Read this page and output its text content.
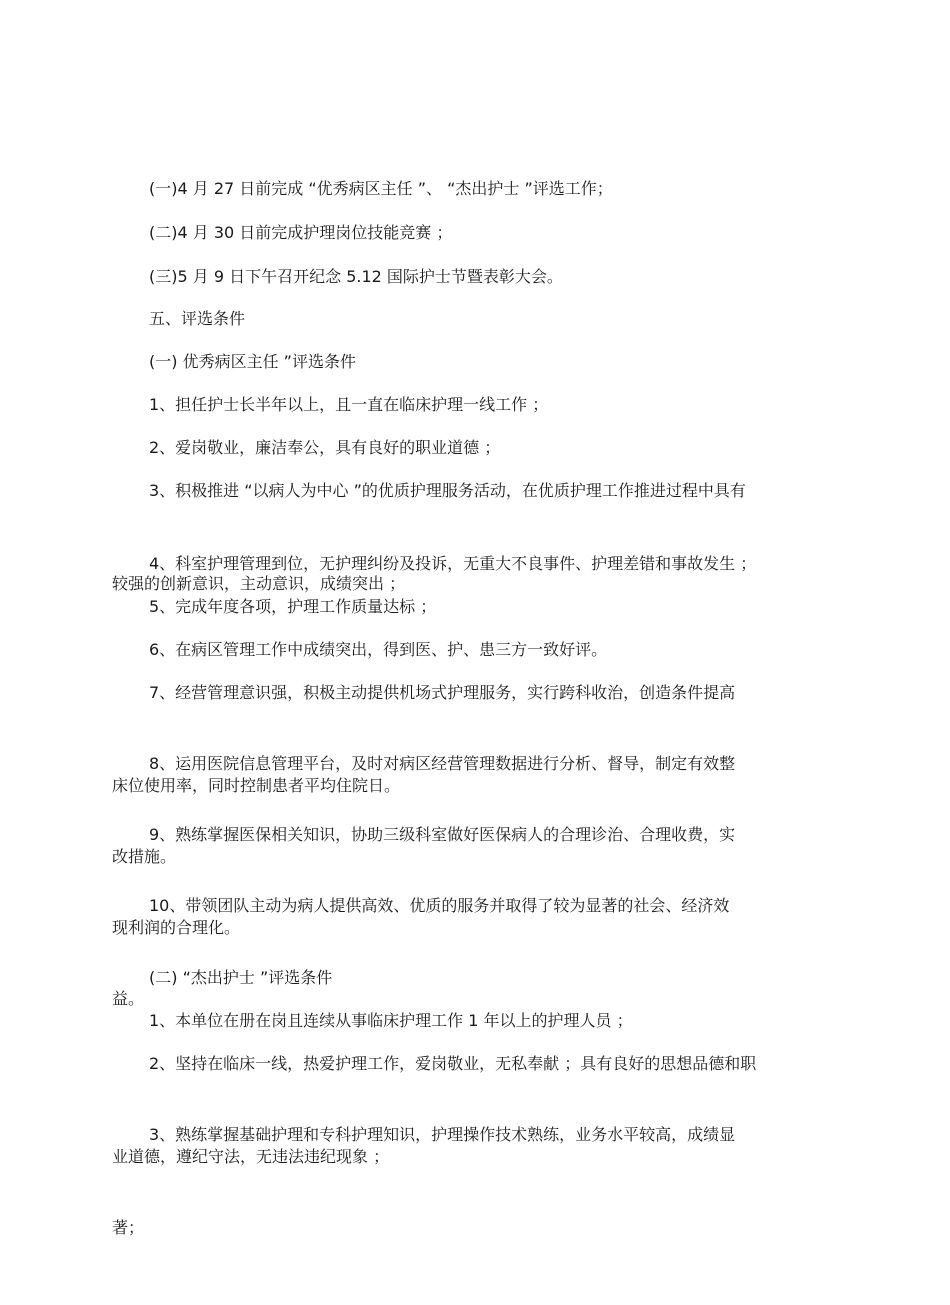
(一)4 月 27 日前完成 “优秀病区主任 ”、 “杰出护士 ”评选工作；

(二)4 月 30 日前完成护理岗位技能竞赛 ；

(三)5 月 9 日下午召开纪念 5.12 国际护士节暨表彰大会。

五、评选条件

(一) 优秀病区主任 ”评选条件

1、担任护士长半年以上，且一直在临床护理一线工作 ；

2、爱岗敬业，廉洁奉公，具有良好的职业道德 ；

3、积极推进 “以病人为中心 ”的优质护理服务活动，在优质护理工作推进过程中具有

较强的创新意识，主动意识，成绩突出 ；

4、科室护理管理到位，无护理纠纷及投诉，无重大不良事件、护理差错和事故发生 ；

5、完成年度各项，护理工作质量达标 ；

6、在病区管理工作中成绩突出，得到医、护、患三方一致好评。

7、经营管理意识强，积极主动提供机场式护理服务，实行跨科收治，创造条件提高

床位使用率，同时控制患者平均住院日。

8、运用医院信息管理平台，及时对病区经营管理数据进行分析、督导，制定有效整

改措施。

9、熟练掌握医保相关知识，协助三级科室做好医保病人的合理诊治、合理收费，实

现利润的合理化。

10、带领团队主动为病人提供高效、优质的服务并取得了较为显著的社会、经济效

益。

(二) “杰出护士 ”评选条件

1、本单位在册在岗且连续从事临床护理工作 1 年以上的护理人员 ；

2、坚持在临床一线，热爱护理工作，爱岗敬业，无私奉献 ；具有良好的思想品德和职

业道德，遵纪守法，无违法违纪现象 ；

3、熟练掌握基础护理和专科护理知识，护理操作技术熟练，业务水平较高，成绩显

著；
